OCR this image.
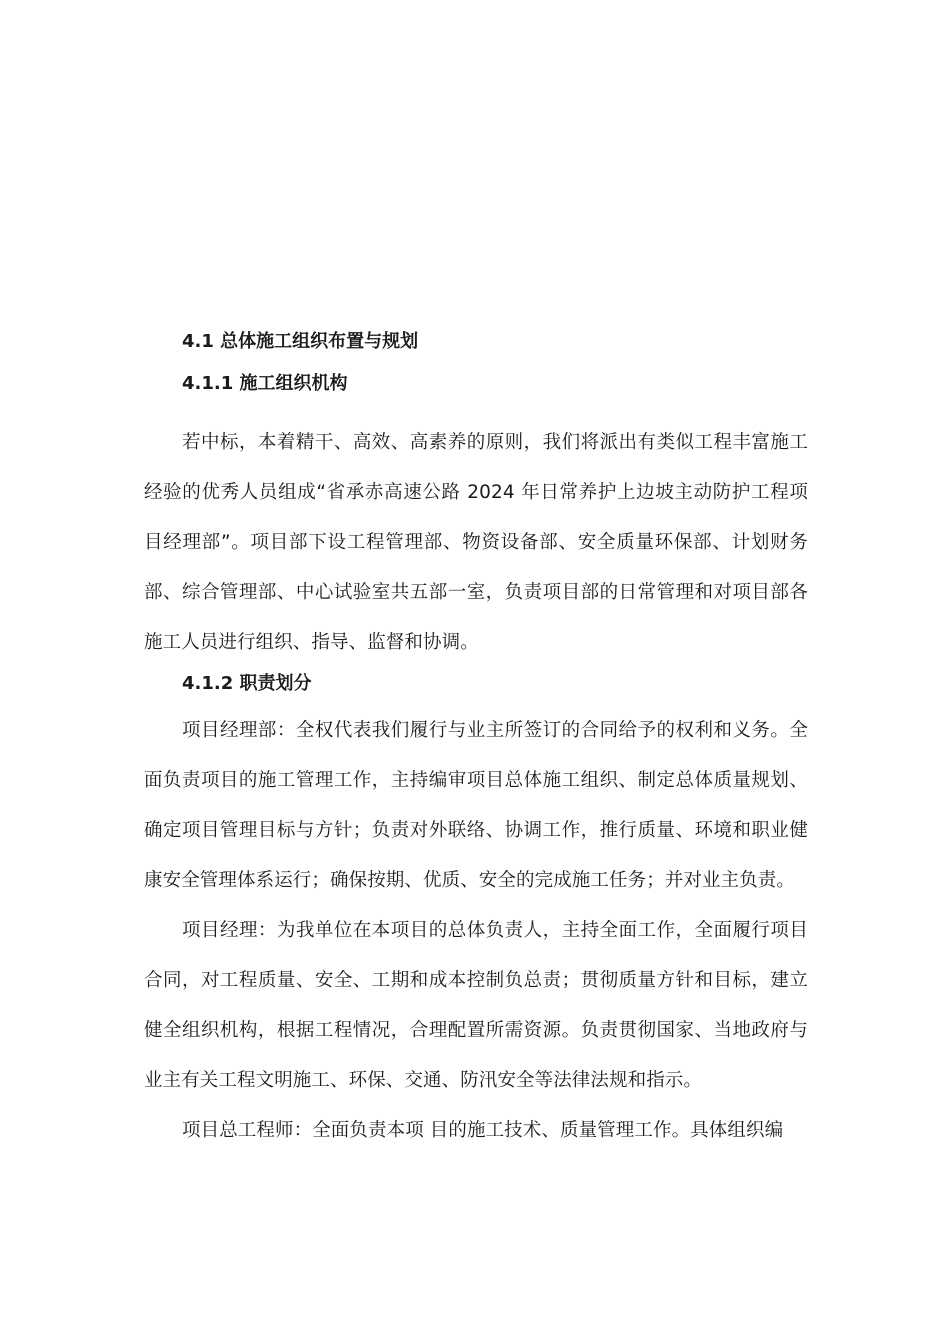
4.1 总体施工组织布置与规划
4.1.1 施工组织机构

若中标，本着精干、高效、高素养的原则，我们将派出有类似工程丰富施工经验的优秀人员组成“省承赤高速公路 2024 年日常养护上边坡主动防护工程项目经理部”。项目部下设工程管理部、物资设备部、安全质量环保部、计划财务部、综合管理部、中心试验室共五部一室，负责项目部的日常管理和对项目部各施工人员进行组织、指导、监督和协调。

4.1.2 职责划分

项目经理部：全权代表我们履行与业主所签订的合同给予的权利和义务。全面负责项目的施工管理工作，主持编审项目总体施工组织、制定总体质量规划、确定项目管理目标与方针；负责对外联络、协调工作，推行质量、环境和职业健康安全管理体系运行；确保按期、优质、安全的完成施工任务；并对业主负责。

项目经理：为我单位在本项目的总体负责人，主持全面工作，全面履行项目合同，对工程质量、安全、工期和成本控制负总责；贯彻质量方针和目标，建立健全组织机构，根据工程情况，合理配置所需资源。负责贯彻国家、当地政府与业主有关工程文明施工、环保、交通、防汛安全等法律法规和指示。

项目总工程师：全面负责本项 目的施工技术、质量管理工作。具体组织编
